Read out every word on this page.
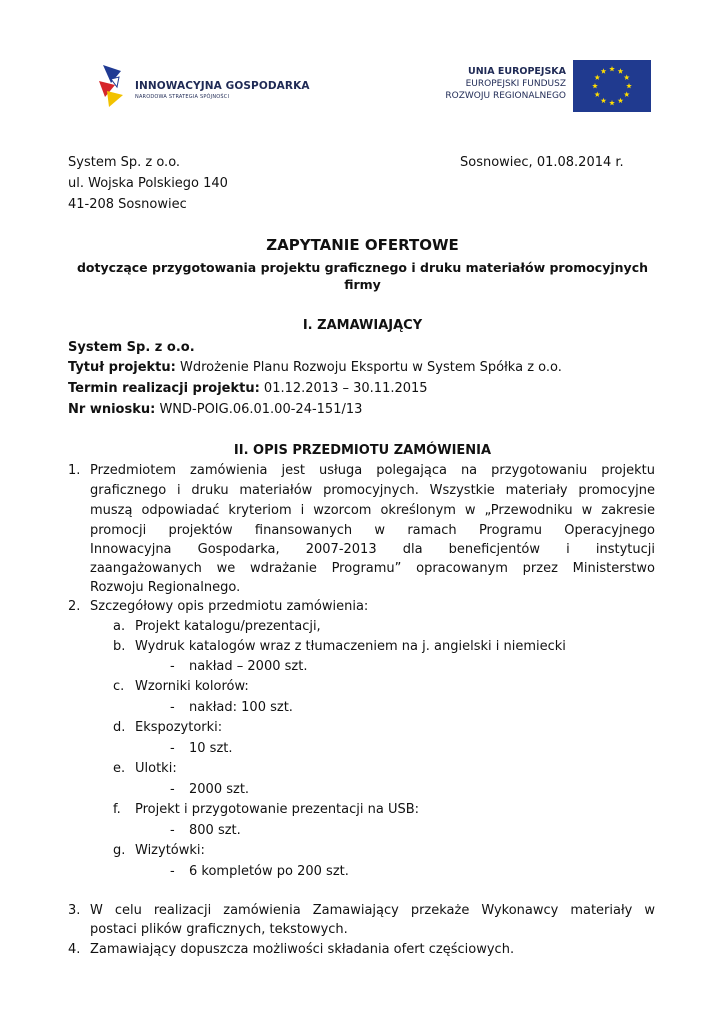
INNOWACYJNA GOSPODARKA
NARODOWA STRATEGIA SPÓJNOŚCI
UNIA EUROPEJSKA
EUROPEJSKI FUNDUSZ
ROZWOJU REGIONALNEGO
System Sp. z o.o.
ul. Wojska Polskiego 140
41-208 Sosnowiec
Sosnowiec, 01.08.2014 r.
ZAPYTANIE OFERTOWE
dotyczące przygotowania projektu graficznego i druku materiałów promocyjnych
firmy
I. ZAMAWIAJĄCY
System Sp. z o.o.
Tytuł projektu: Wdrożenie Planu Rozwoju Eksportu w System Spółka z o.o.
Termin realizacji projektu: 01.12.2013 – 30.11.2015
Nr wniosku: WND-POIG.06.01.00-24-151/13
II. OPIS PRZEDMIOTU ZAMÓWIENIA
1. Przedmiotem zamówienia jest usługa polegająca na przygotowaniu projektu
graficznego i druku materiałów promocyjnych. Wszystkie materiały promocyjne
muszą odpowiadać kryteriom i wzorcom określonym w „Przewodniku w zakresie
promocji projektów finansowanych w ramach Programu Operacyjnego
Innowacyjna Gospodarka, 2007-2013 dla beneficjentów i instytucji
zaangażowanych we wdrażanie Programu” opracowanym przez Ministerstwo
Rozwoju Regionalnego.
2. Szczegółowy opis przedmiotu zamówienia:
a. Projekt katalogu/prezentacji,
b. Wydruk katalogów wraz z tłumaczeniem na j. angielski i niemiecki
- nakład – 2000 szt.
c. Wzorniki kolorów:
- nakład: 100 szt.
d. Ekspozytorki:
- 10 szt.
e. Ulotki:
- 2000 szt.
f. Projekt i przygotowanie prezentacji na USB:
- 800 szt.
g. Wizytówki:
- 6 kompletów po 200 szt.
3. W celu realizacji zamówienia Zamawiający przekaże Wykonawcy materiały w
postaci plików graficznych, tekstowych.
4. Zamawiający dopuszcza możliwości składania ofert częściowych.
